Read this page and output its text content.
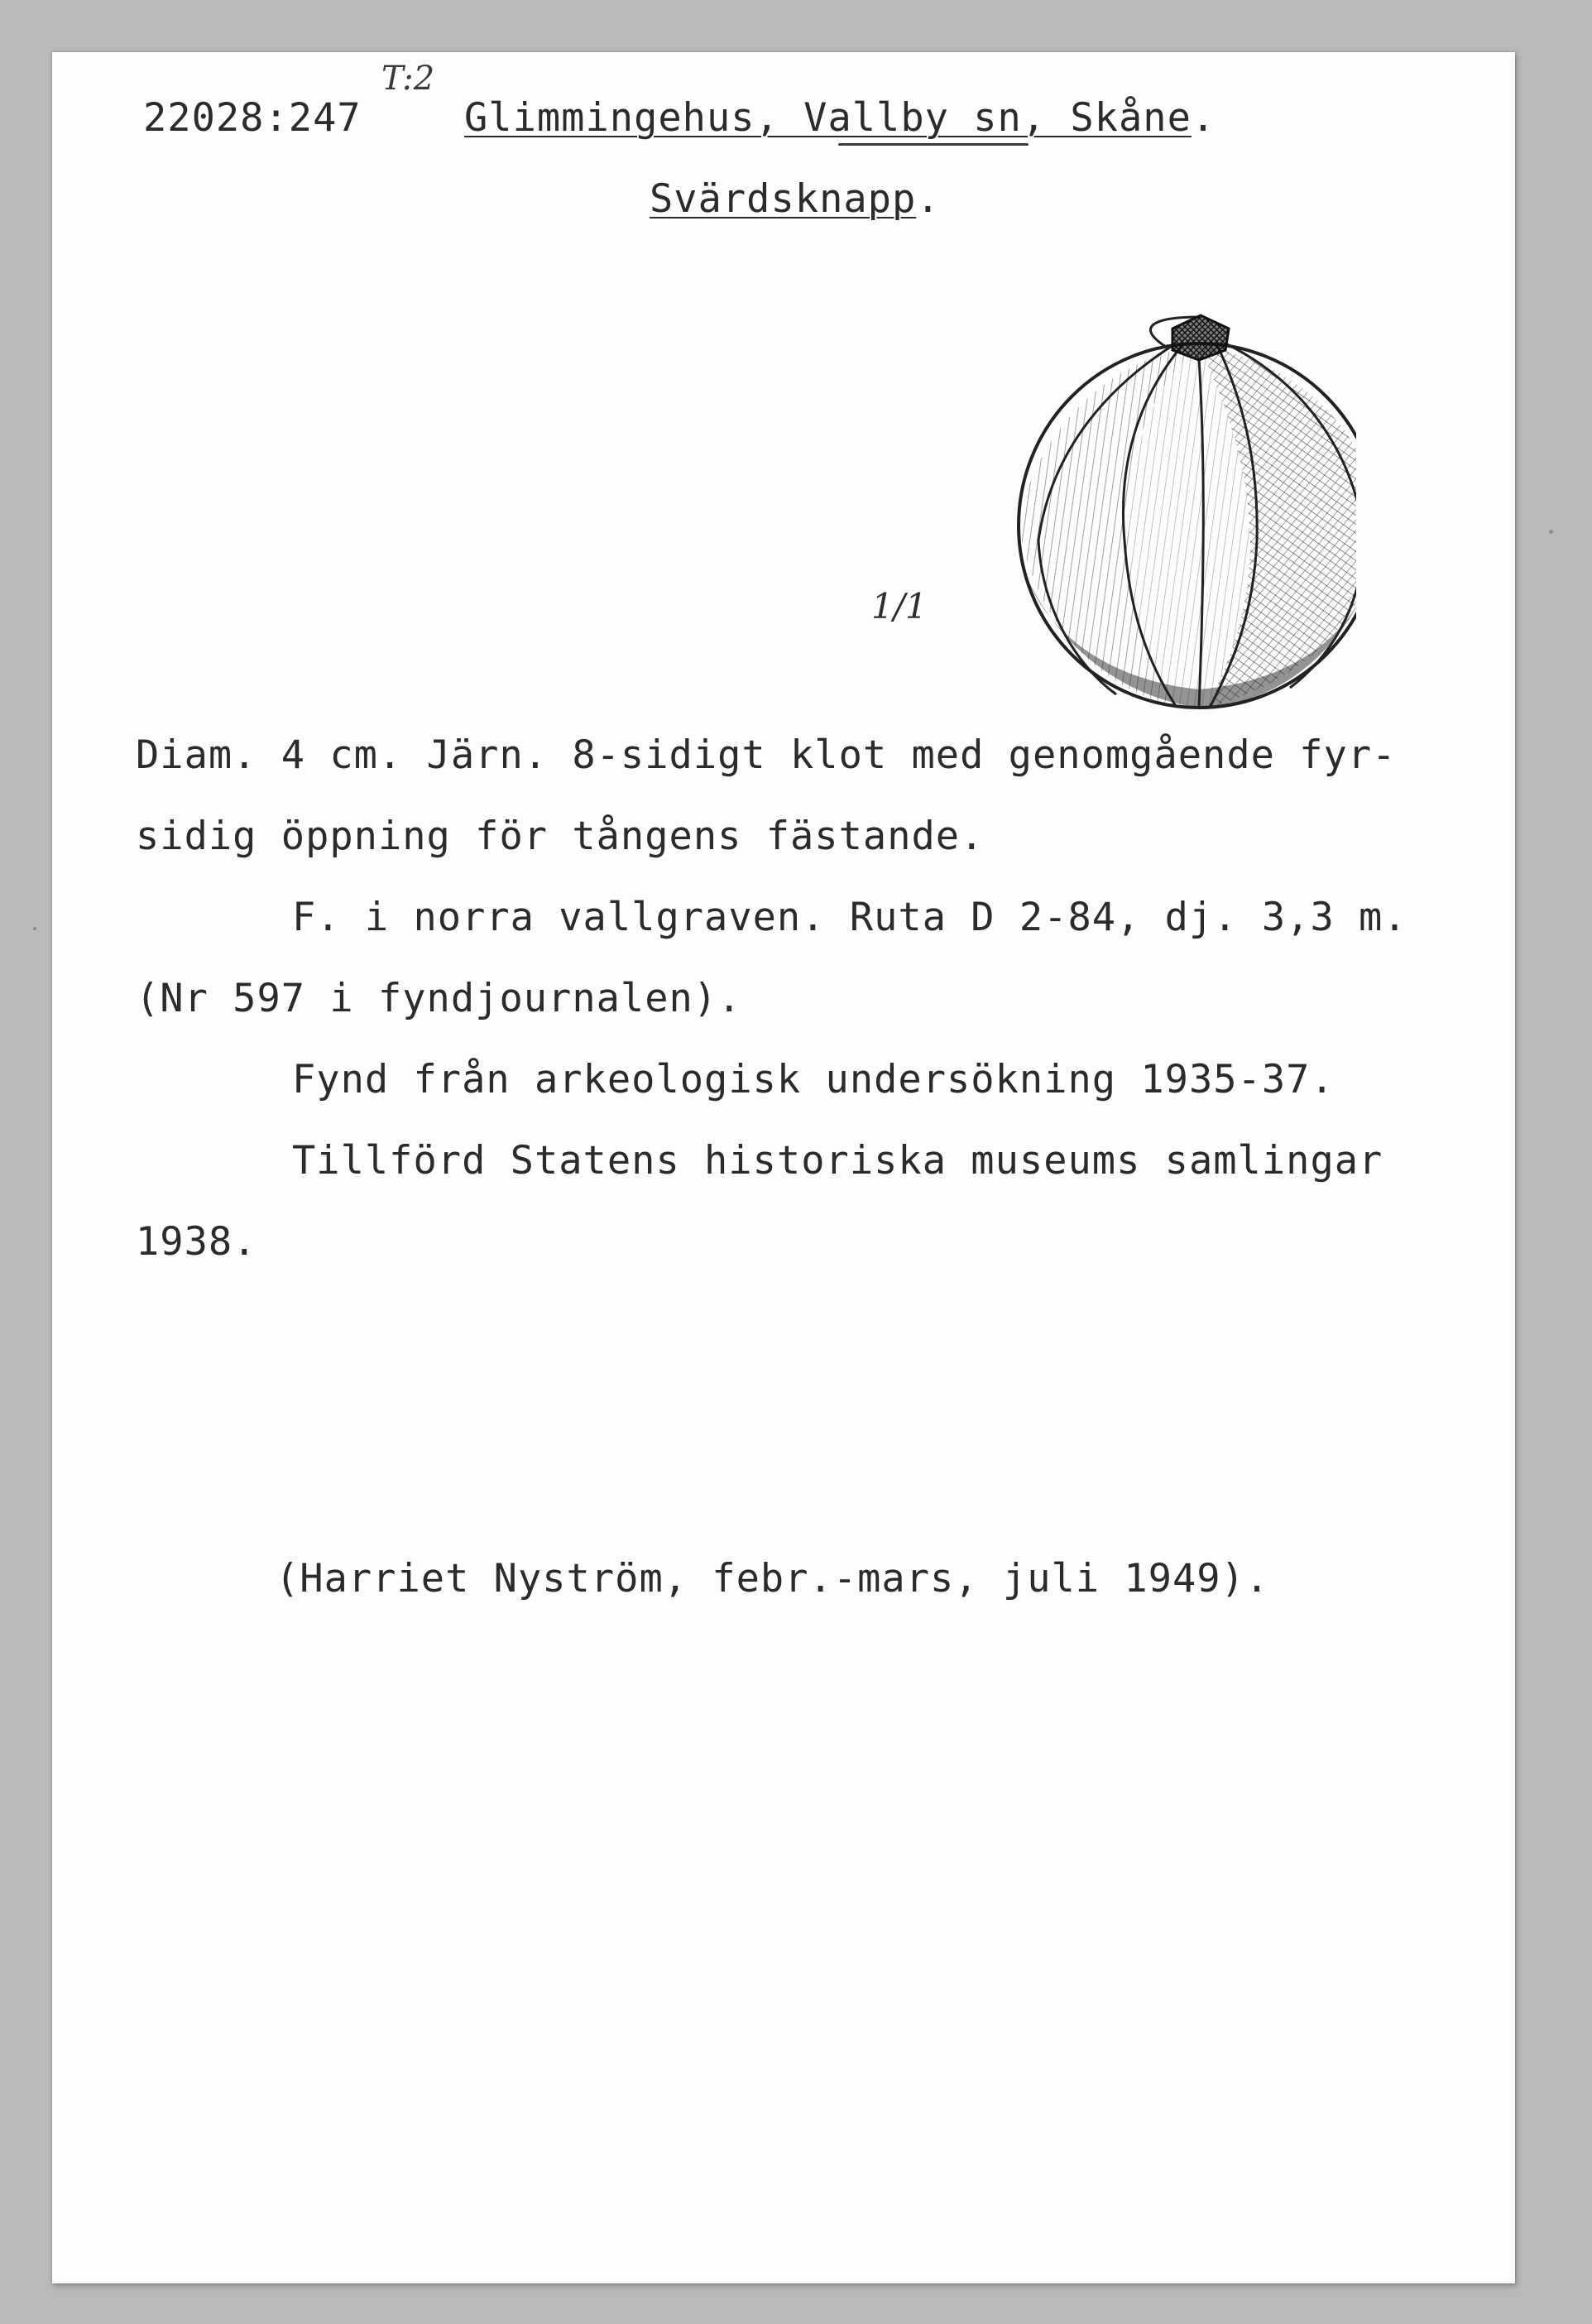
22028:247
T:2
Glimmingehus, Vallby sn, Skåne.
Svärdsknapp.
1/1
Diam. 4 cm. Järn. 8-sidigt klot med genomgående fyr-
sidig öppning för tångens fästande.
F. i norra vallgraven. Ruta D 2-84, dj. 3,3 m.
(Nr 597 i fyndjournalen).
Fynd från arkeologisk undersökning 1935-37.
Tillförd Statens historiska museums samlingar
1938.
(Harriet Nyström, febr.-mars, juli 1949).
